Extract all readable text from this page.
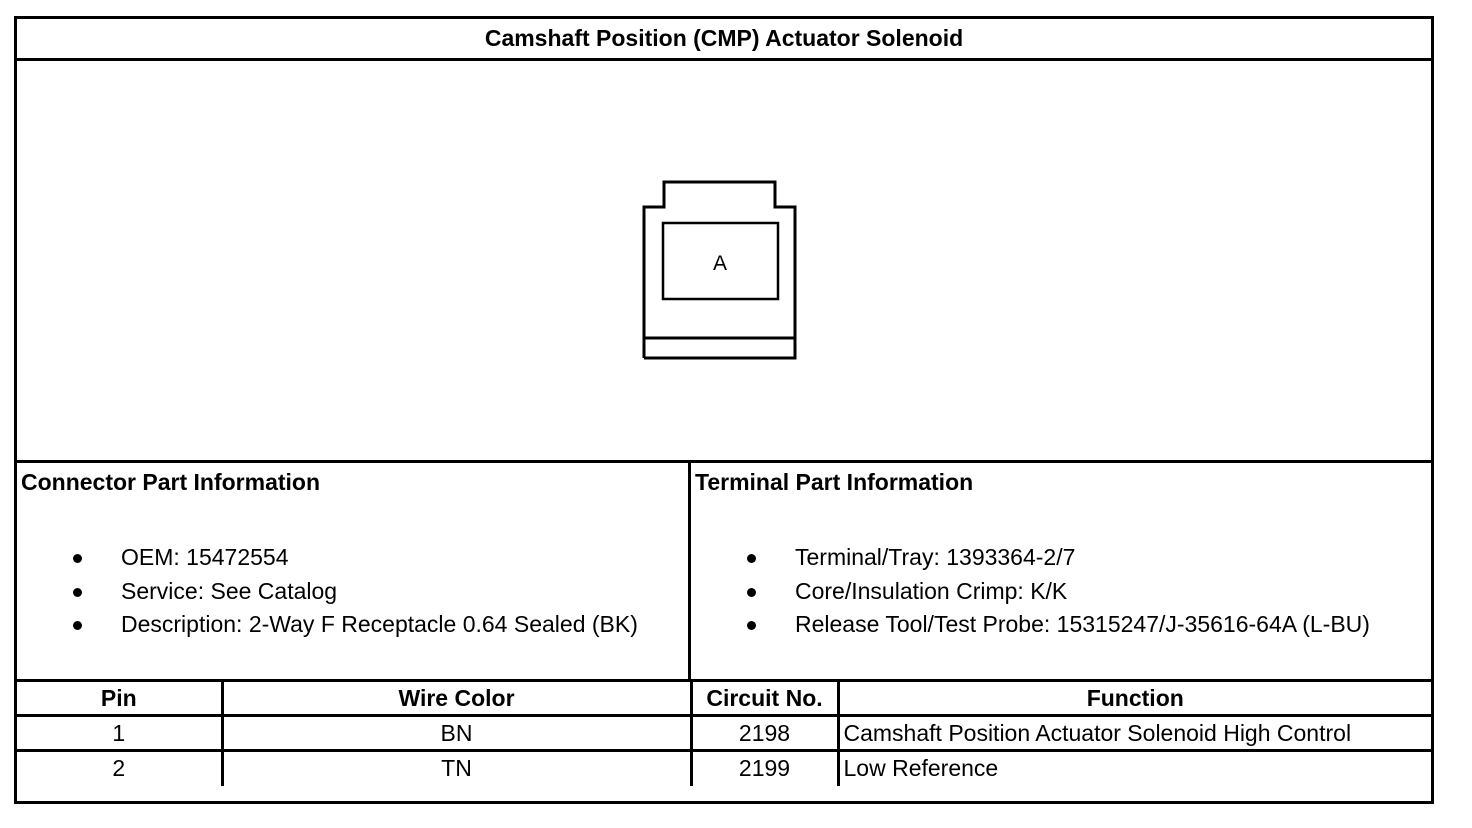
Camshaft Position (CMP) Actuator Solenoid
A
Connector Part Information
OEM: 15472554
Service: See Catalog
Description: 2-Way F Receptacle 0.64 Sealed (BK)
Terminal Part Information
Terminal/Tray: 1393364-2/7
Core/Insulation Crimp: K/K
Release Tool/Test Probe: 15315247/J-35616-64A (L-BU)
Pin	Wire Color	Circuit No.	Function
1	BN	2198	Camshaft Position Actuator Solenoid High Control
2	TN	2199	Low Reference
